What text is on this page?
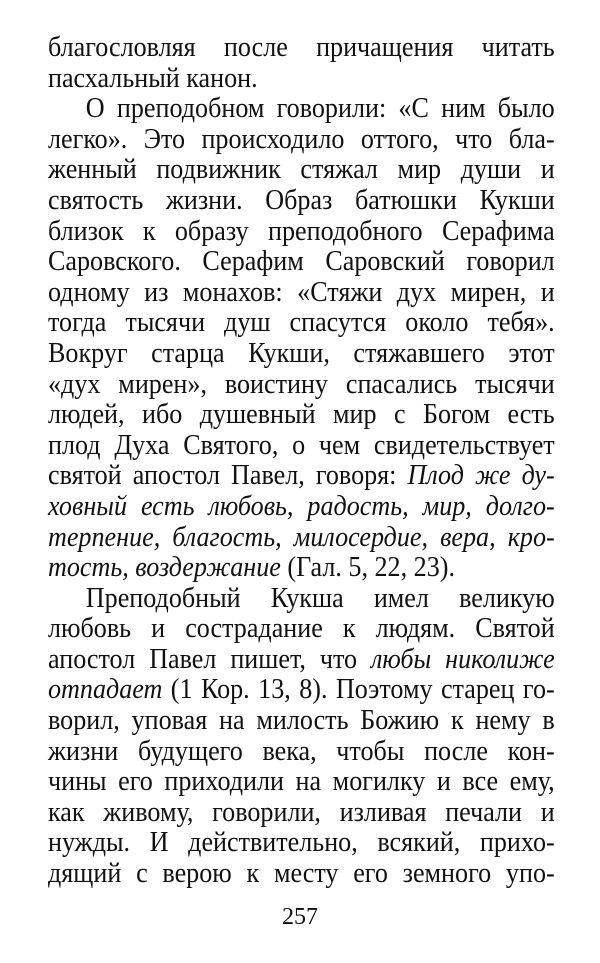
благословляя после причащения читать
пасхальный канон.
О преподобном говорили: «С ним было
легко». Это происходило оттого, что бла-
женный подвижник стяжал мир души и
святость жизни. Образ батюшки Кукши
близок к образу преподобного Серафима
Саровского. Серафим Саровский говорил
одному из монахов: «Стяжи дух мирен, и
тогда тысячи душ спасутся около тебя».
Вокруг старца Кукши, стяжавшего этот
«дух мирен», воистину спасались тысячи
людей, ибо душевный мир с Богом есть
плод Духа Святого, о чем свидетельствует
святой апостол Павел, говоря: Плод же ду-
ховный есть любовь, радость, мир, долго-
терпение, благость, милосердие, вера, кро-
тость, воздержание (Гал. 5, 22, 23).
Преподобный Кукша имел великую
любовь и сострадание к людям. Святой
апостол Павел пишет, что любы николиже
отпадает (1 Кор. 13, 8). Поэтому старец го-
ворил, уповая на милость Божию к нему в
жизни будущего века, чтобы после кон-
чины его приходили на могилку и все ему,
как живому, говорили, изливая печали и
нужды. И действительно, всякий, прихо-
дящий с верою к месту его земного упо-
257
